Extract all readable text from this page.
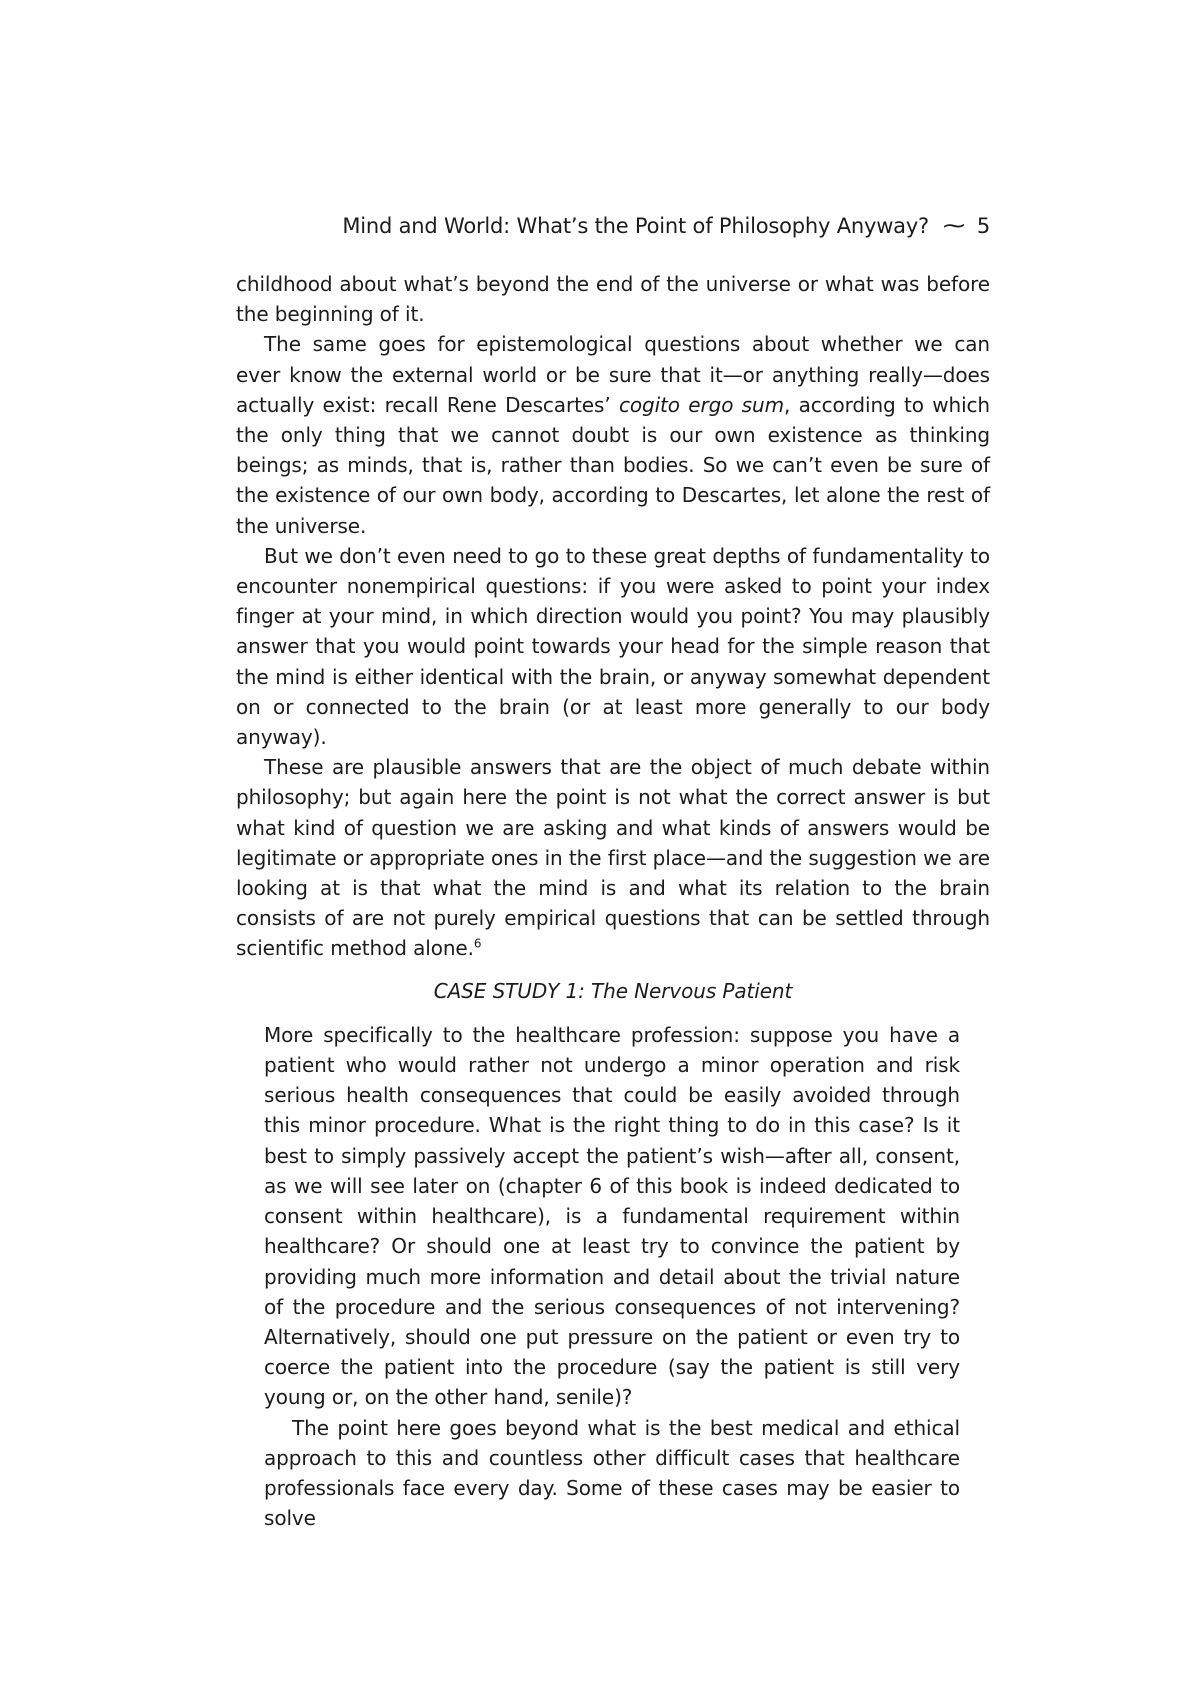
Mind and World: What’s the Point of Philosophy Anyway? ⁓ 5

childhood about what’s beyond the end of the universe or what was before the beginning of it.

The same goes for epistemological questions about whether we can ever know the external world or be sure that it—or anything really—does actually exist: recall Rene Descartes’ cogito ergo sum, according to which the only thing that we cannot doubt is our own existence as thinking beings; as minds, that is, rather than bodies. So we can’t even be sure of the existence of our own body, according to Descartes, let alone the rest of the universe.

But we don’t even need to go to these great depths of fundamentality to encounter nonempirical questions: if you were asked to point your index finger at your mind, in which direction would you point? You may plausibly answer that you would point towards your head for the simple reason that the mind is either identical with the brain, or anyway somewhat dependent on or connected to the brain (or at least more generally to our body anyway).

These are plausible answers that are the object of much debate within philosophy; but again here the point is not what the correct answer is but what kind of question we are asking and what kinds of answers would be legitimate or appropriate ones in the first place—and the suggestion we are looking at is that what the mind is and what its relation to the brain consists of are not purely empirical questions that can be settled through scientific method alone.$^6$

CASE STUDY 1: The Nervous Patient

More specifically to the healthcare profession: suppose you have a patient who would rather not undergo a minor operation and risk serious health consequences that could be easily avoided through this minor procedure. What is the right thing to do in this case? Is it best to simply passively accept the patient’s wish—after all, consent, as we will see later on (chapter 6 of this book is indeed dedicated to consent within healthcare), is a fundamental requirement within healthcare? Or should one at least try to convince the patient by providing much more information and detail about the trivial nature of the procedure and the serious consequences of not intervening? Alternatively, should one put pressure on the patient or even try to coerce the patient into the procedure (say the patient is still very young or, on the other hand, senile)?

The point here goes beyond what is the best medical and ethical approach to this and countless other difficult cases that healthcare professionals face every day. Some of these cases may be easier to solve
